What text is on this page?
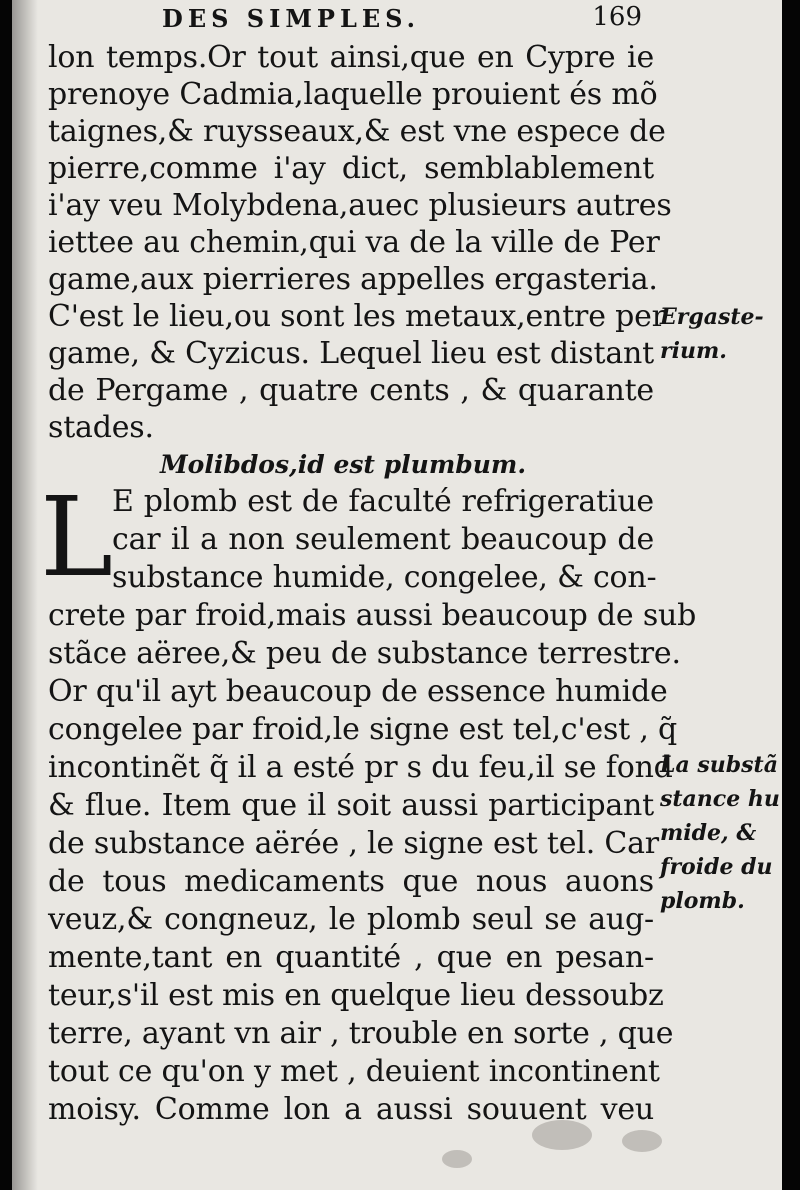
DES SIMPLES.	169
lon temps.Or tout ainsi,que en Cypre ie
prenoye Cadmia,laquelle prouient és mõ
taignes,& ruysseaux,& est vne espece de
pierre,comme i'ay dict, semblablement
i'ay veu Molybdena,auec plusieurs autres
iettee au chemin,qui va de la ville de Per
game,aux pierrieres appelles ergasteria.
C'est le lieu,ou sont les metaux,entre per
game, & Cyzicus. Lequel lieu est distant
de Pergame , quatre cents , & quarante
stades.
Ergaste-
rium.
Molibdos,id est plumbum.
L
E plomb est de faculté refrigeratiue
car il a non seulement beaucoup de
substance humide, congelee, & con-
crete par froid,mais aussi beaucoup de sub
stãce aëree,& peu de substance terrestre.
Or qu'il ayt beaucoup de essence humide
congelee par froid,le signe est tel,c'est , q̃
incontinẽt q̃ il a esté pr s du feu,il se fond
& flue. Item que il soit aussi participant
de substance aërée , le signe est tel. Car
de tous medicaments que nous auons
veuz,& congneuz, le plomb seul se aug-
mente,tant en quantité , que en pesan-
teur,s'il est mis en quelque lieu dessoubz
terre, ayant vn air , trouble en sorte , que
tout ce qu'on y met , deuient incontinent
moisy. Comme lon a aussi souuent veu
La substã
stance hu
mide, &
froide du
plomb.
